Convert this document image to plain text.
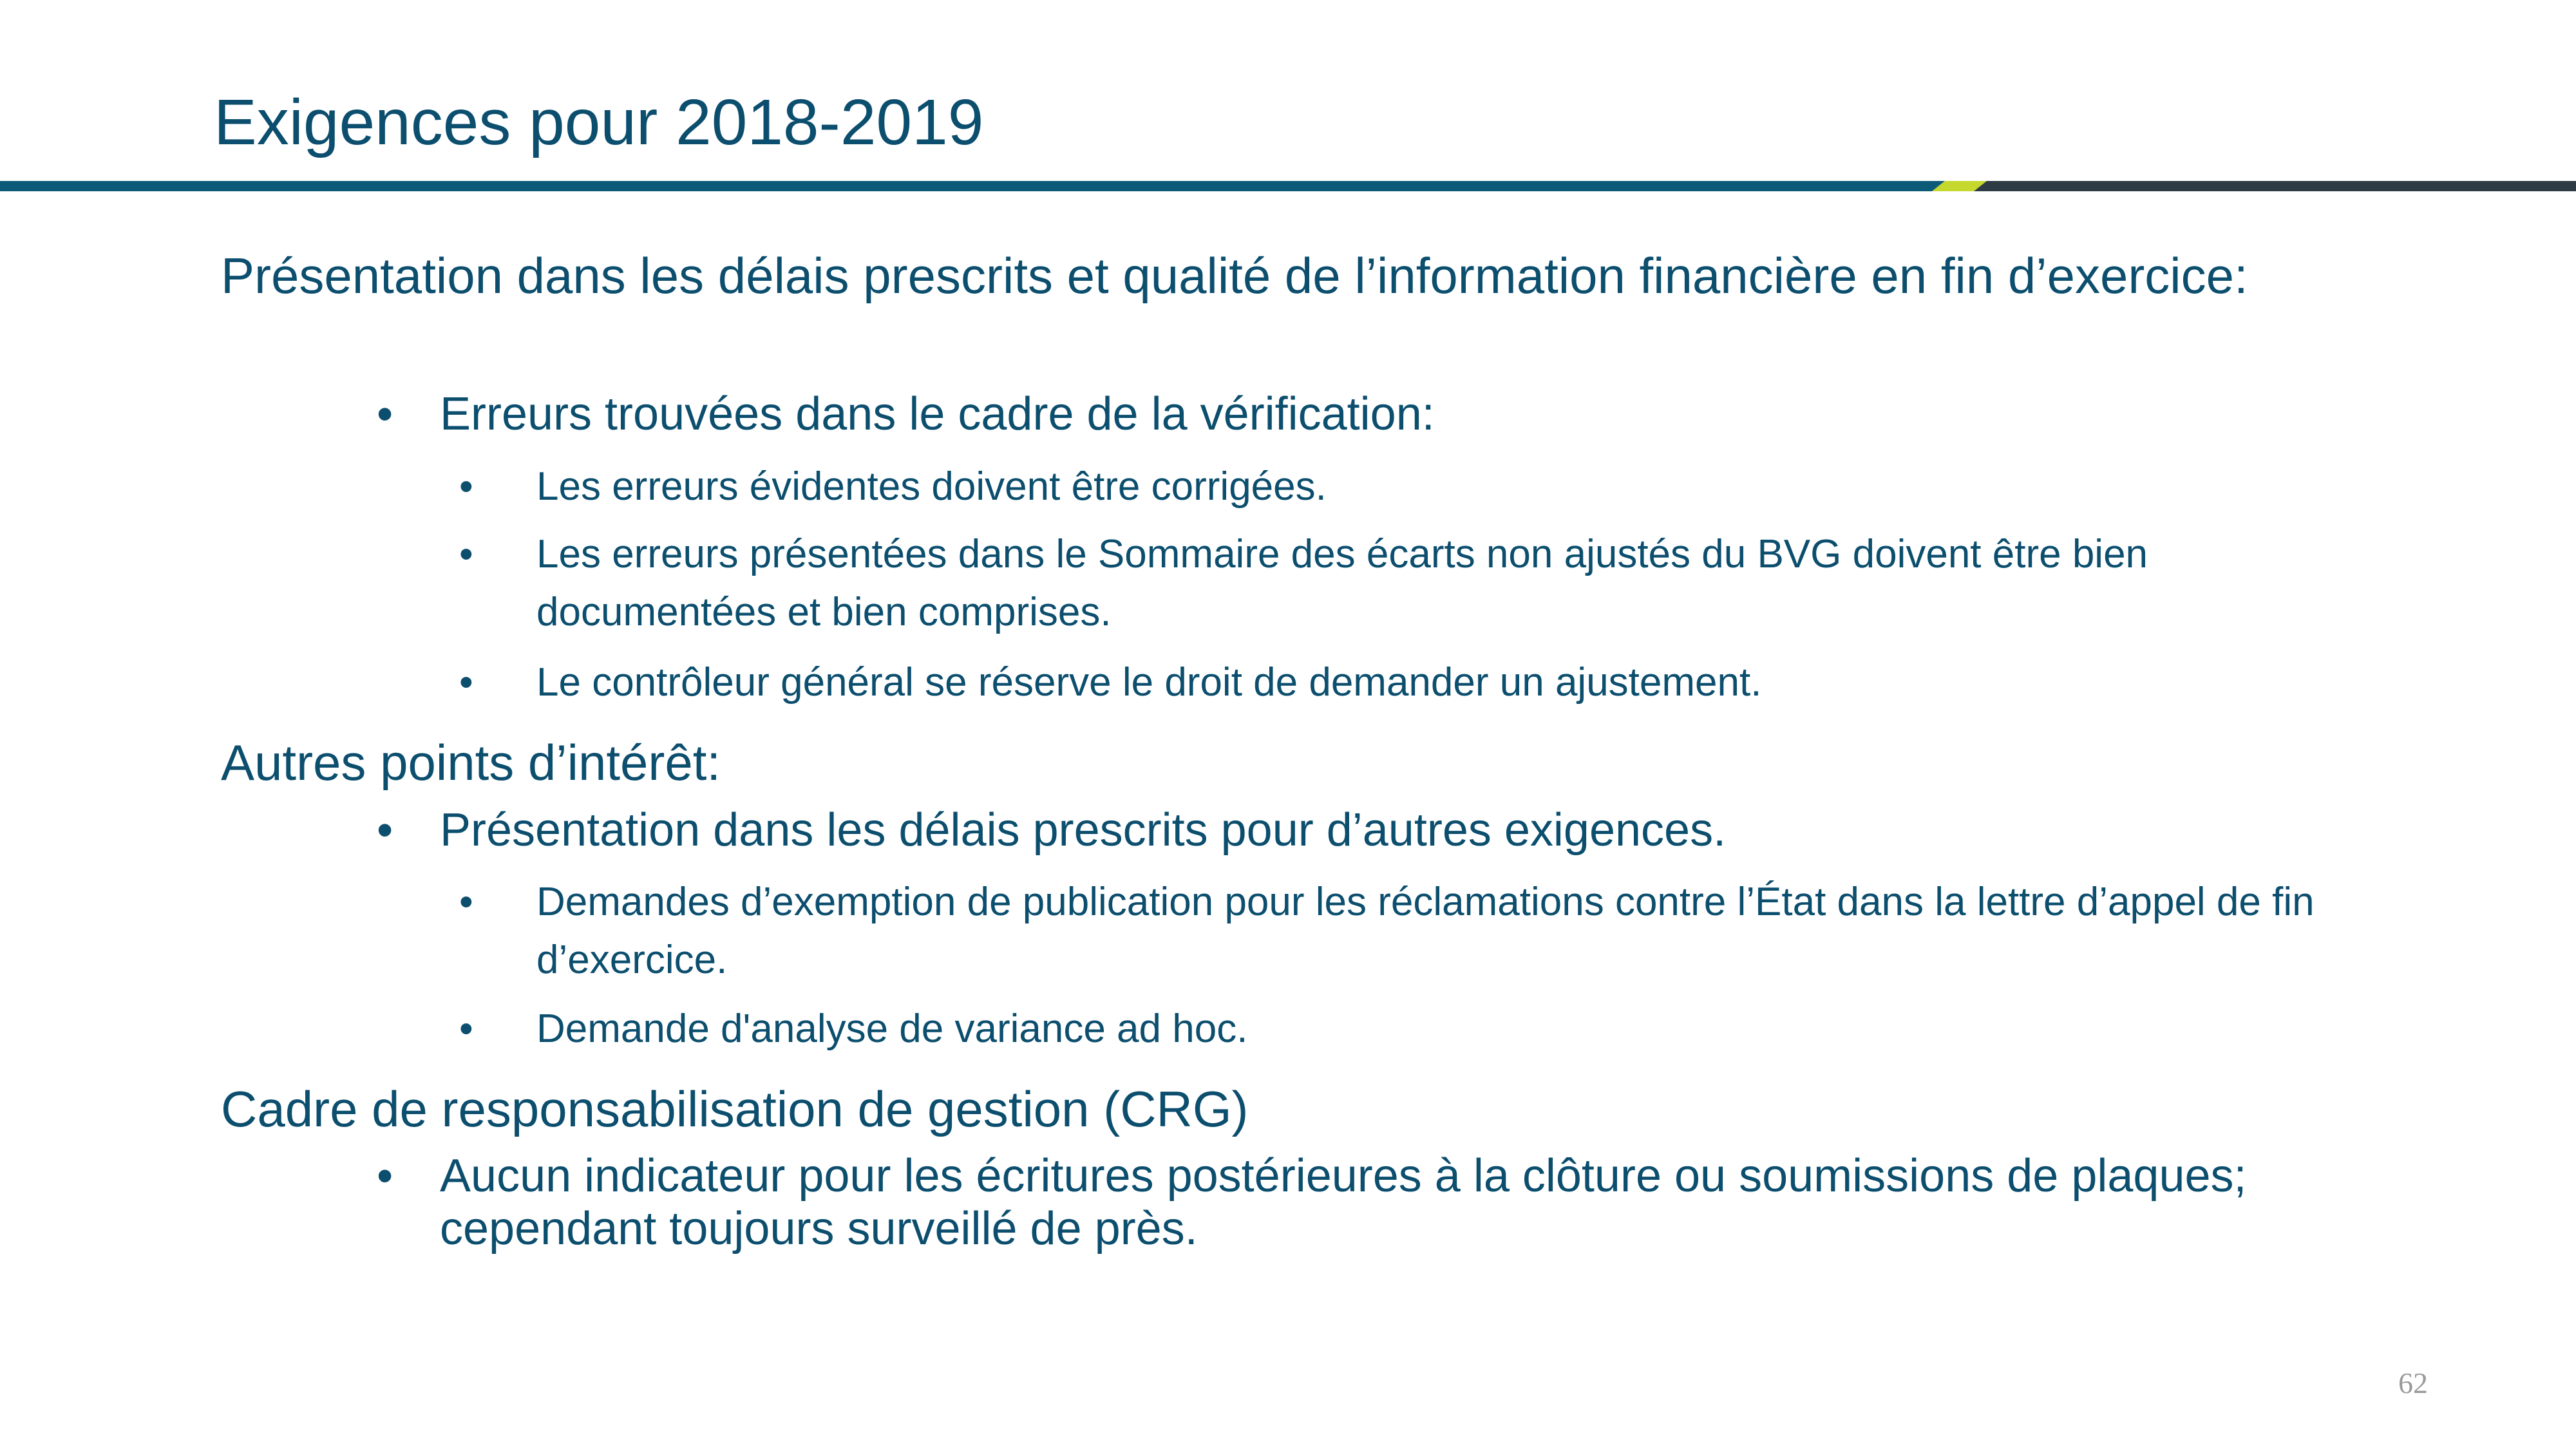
Exigences pour 2018-2019
Présentation dans les délais prescrits et qualité de l’information financière en fin d’exercice:
• Erreurs trouvées dans le cadre de la vérification:
• Les erreurs évidentes doivent être corrigées.
• Les erreurs présentées dans le Sommaire des écarts non ajustés du BVG doivent être bien documentées et bien comprises.
• Le contrôleur général se réserve le droit de demander un ajustement.
Autres points d’intérêt:
• Présentation dans les délais prescrits pour d’autres exigences.
• Demandes d’exemption de publication pour les réclamations contre l’État dans la lettre d’appel de fin d’exercice.
• Demande d'analyse de variance ad hoc.
Cadre de responsabilisation de gestion (CRG)
• Aucun indicateur pour les écritures postérieures à la clôture ou soumissions de plaques; cependant toujours surveillé de près.
62
